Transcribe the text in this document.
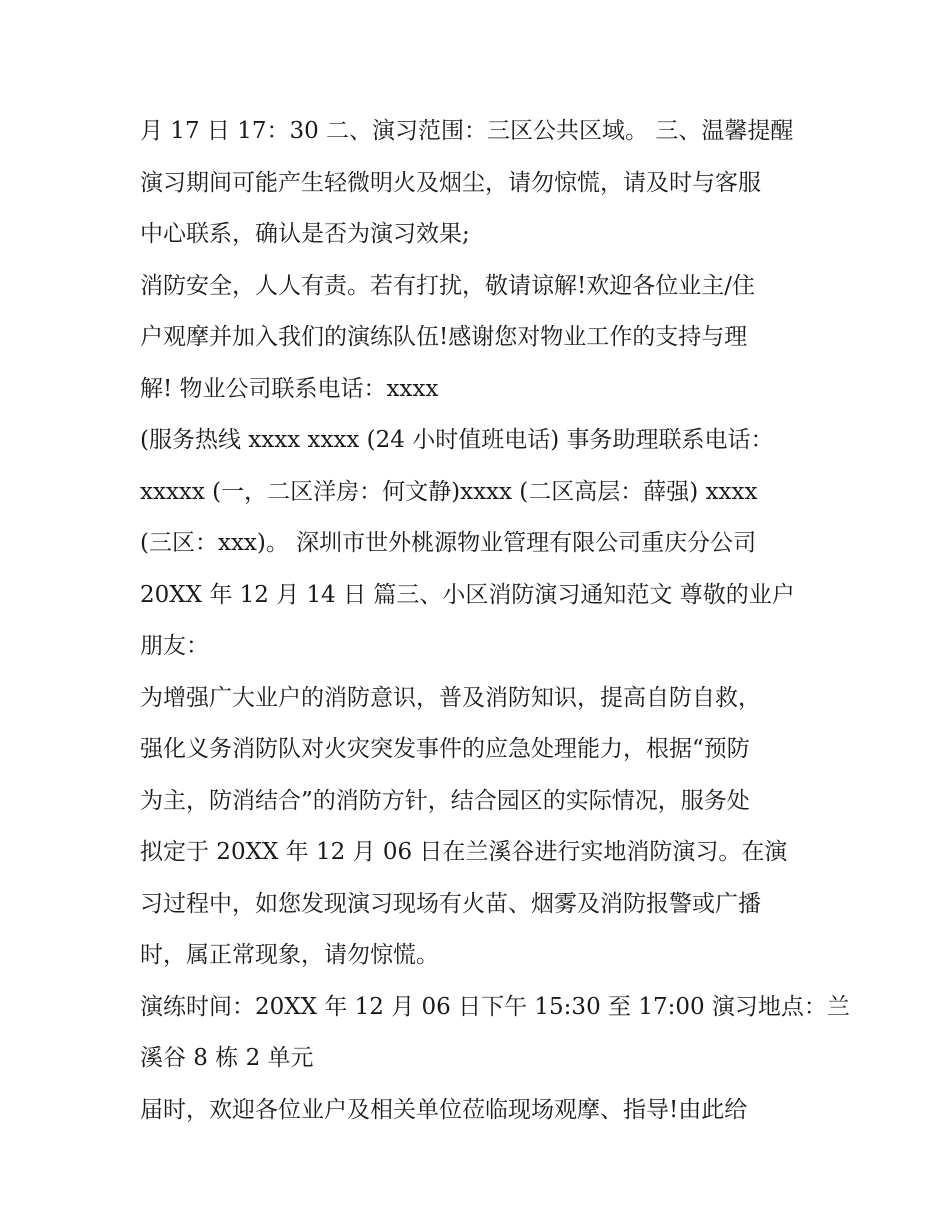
月 17 日 17：30 二、演习范围：三区公共区域。 三、温馨提醒
演习期间可能产生轻微明火及烟尘，请勿惊慌，请及时与客服
中心联系，确认是否为演习效果;
消防安全，人人有责。若有打扰，敬请谅解!欢迎各位业主/住
户观摩并加入我们的演练队伍!感谢您对物业工作的支持与理
解! 物业公司联系电话：xxxx
(服务热线 xxxx xxxx (24 小时值班电话) 事务助理联系电话：
xxxxx (一，二区洋房：何文静)xxxx (二区高层：薛强) xxxx
(三区：xxx)。 深圳市世外桃源物业管理有限公司重庆分公司
20XX 年 12 月 14 日 篇三、小区消防演习通知范文 尊敬的业户
朋友：
为增强广大业户的消防意识，普及消防知识，提高自防自救，
强化义务消防队对火灾突发事件的应急处理能力，根据“预防
为主，防消结合”的消防方针，结合园区的实际情况，服务处
拟定于 20XX 年 12 月 06 日在兰溪谷进行实地消防演习。在演
习过程中，如您发现演习现场有火苗、烟雾及消防报警或广播
时，属正常现象，请勿惊慌。
演练时间：20XX 年 12 月 06 日下午 15:30 至 17:00 演习地点：兰
溪谷 8 栋 2 单元
届时，欢迎各位业户及相关单位莅临现场观摩、指导!由此给
